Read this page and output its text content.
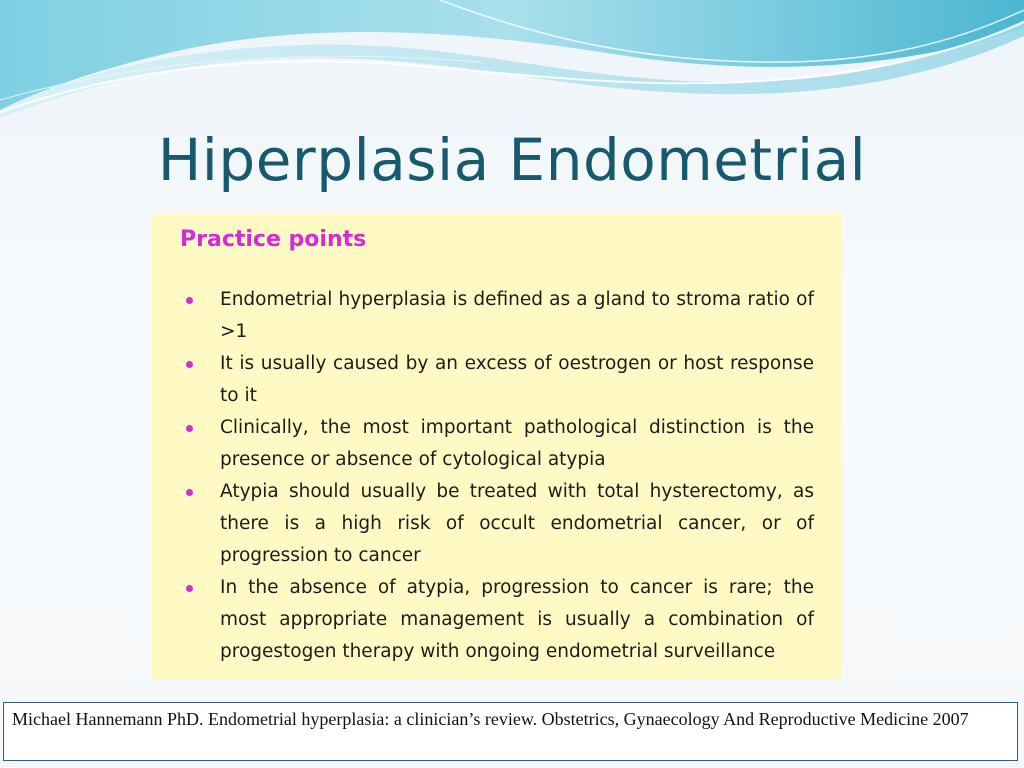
Hiperplasia Endometrial
Practice points
Endometrial hyperplasia is defined as a gland to stroma ratio of >1
It is usually caused by an excess of oestrogen or host response to it
Clinically, the most important pathological distinction is the presence or absence of cytological atypia
Atypia should usually be treated with total hysterectomy, as there is a high risk of occult endometrial cancer, or of progression to cancer
In the absence of atypia, progression to cancer is rare; the most appropriate management is usually a combination of progestogen therapy with ongoing endometrial surveillance
Michael Hannemann PhD. Endometrial hyperplasia: a clinician’s review. Obstetrics, Gynaecology And Reproductive Medicine 2007
